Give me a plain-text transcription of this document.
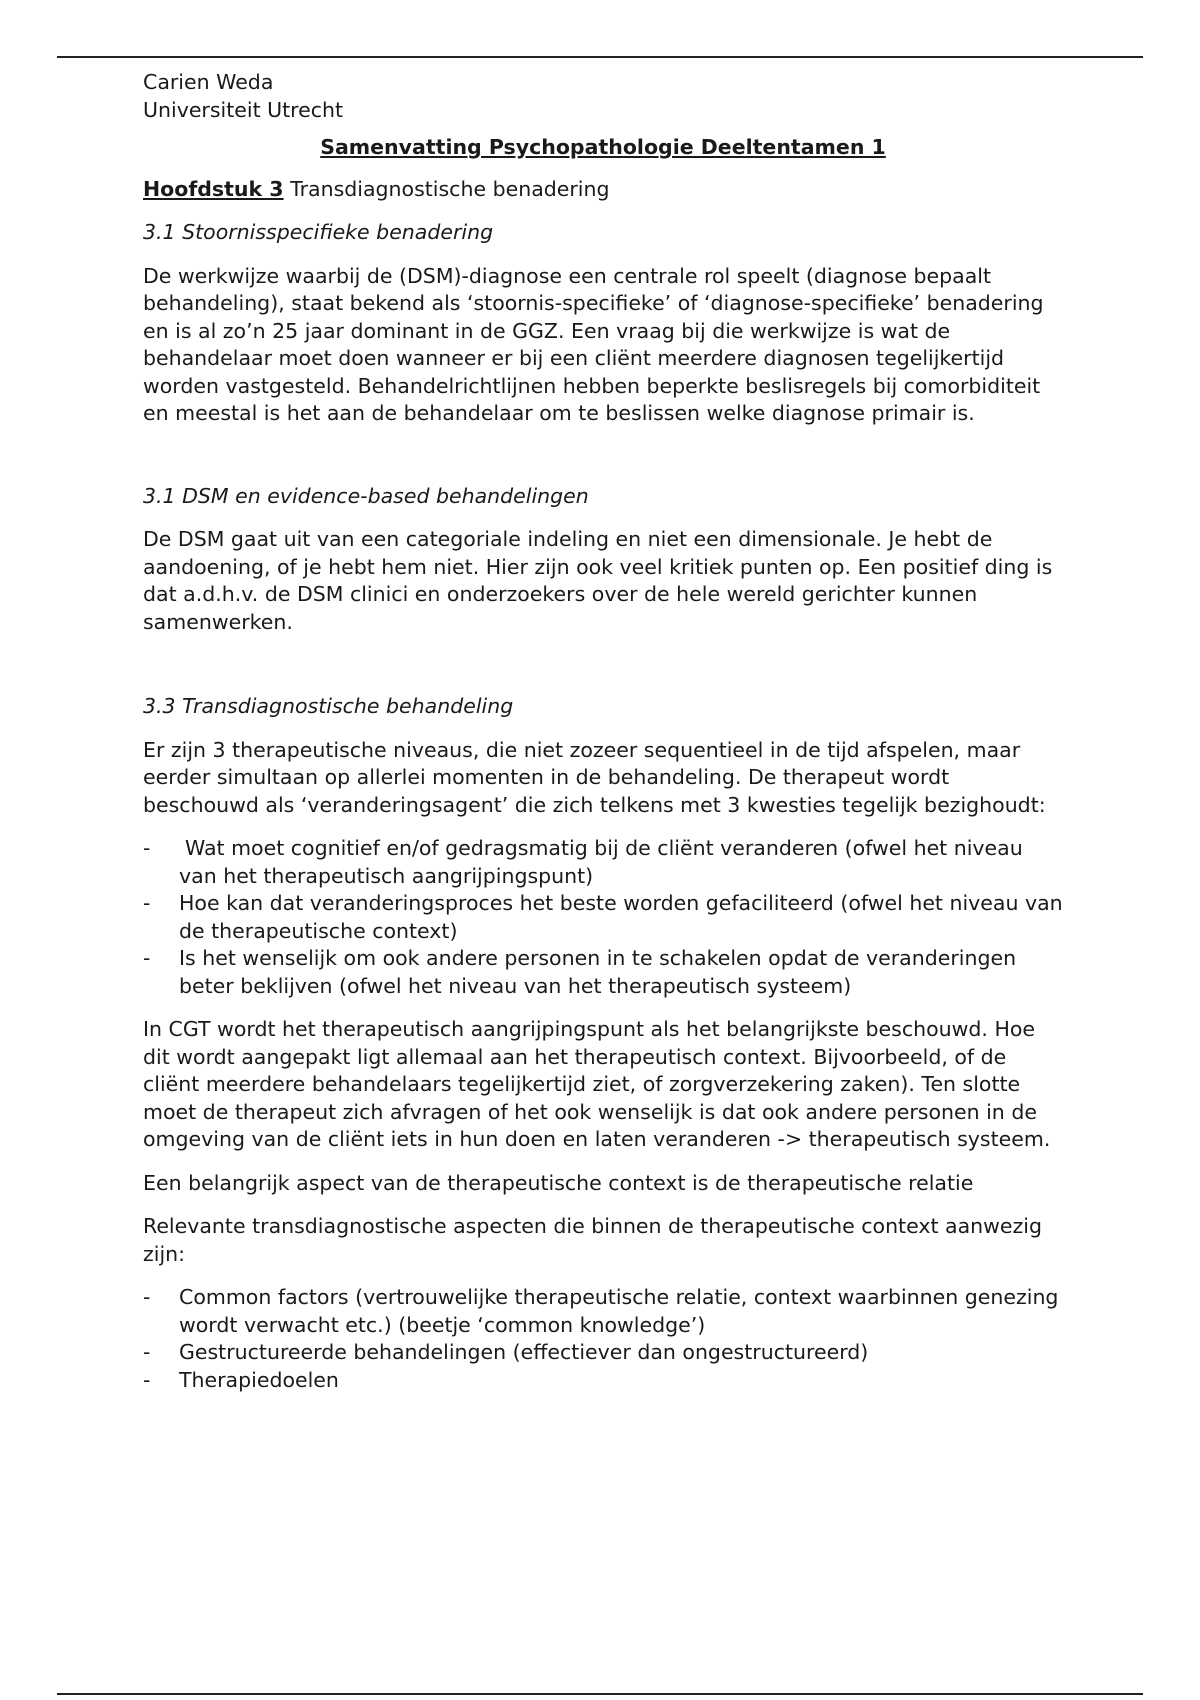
Carien Weda

Universiteit Utrecht

Samenvatting Psychopathologie Deeltentamen 1

Hoofdstuk 3 Transdiagnostische benadering

3.1 Stoornisspecifieke benadering

De werkwijze waarbij de (DSM)-diagnose een centrale rol speelt (diagnose bepaalt behandeling), staat bekend als ‘stoornis-specifieke’ of ‘diagnose-specifieke’ benadering en is al zo’n 25 jaar dominant in de GGZ. Een vraag bij die werkwijze is wat de behandelaar moet doen wanneer er bij een cliënt meerdere diagnosen tegelijkertijd worden vastgesteld. Behandelrichtlijnen hebben beperkte beslisregels bij comorbiditeit en meestal is het aan de behandelaar om te beslissen welke diagnose primair is.

3.1 DSM en evidence-based behandelingen

De DSM gaat uit van een categoriale indeling en niet een dimensionale. Je hebt de aandoening, of je hebt hem niet. Hier zijn ook veel kritiek punten op. Een positief ding is dat a.d.h.v. de DSM clinici en onderzoekers over de hele wereld gerichter kunnen samenwerken.

3.3 Transdiagnostische behandeling

Er zijn 3 therapeutische niveaus, die niet zozeer sequentieel in de tijd afspelen, maar eerder simultaan op allerlei momenten in de behandeling. De therapeut wordt beschouwd als ‘veranderingsagent’ die zich telkens met 3 kwesties tegelijk bezighoudt:

- Wat moet cognitief en/of gedragsmatig bij de cliënt veranderen (ofwel het niveau van het therapeutisch aangrijpingspunt)
- Hoe kan dat veranderingsproces het beste worden gefaciliteerd (ofwel het niveau van de therapeutische context)
- Is het wenselijk om ook andere personen in te schakelen opdat de veranderingen beter beklijven (ofwel het niveau van het therapeutisch systeem)

In CGT wordt het therapeutisch aangrijpingspunt als het belangrijkste beschouwd. Hoe dit wordt aangepakt ligt allemaal aan het therapeutisch context. Bijvoorbeeld, of de cliënt meerdere behandelaars tegelijkertijd ziet, of zorgverzekering zaken). Ten slotte moet de therapeut zich afvragen of het ook wenselijk is dat ook andere personen in de omgeving van de cliënt iets in hun doen en laten veranderen -> therapeutisch systeem.

Een belangrijk aspect van de therapeutische context is de therapeutische relatie

Relevante transdiagnostische aspecten die binnen de therapeutische context aanwezig zijn:

- Common factors (vertrouwelijke therapeutische relatie, context waarbinnen genezing wordt verwacht etc.) (beetje ‘common knowledge’)
- Gestructureerde behandelingen (effectiever dan ongestructureerd)
- Therapiedoelen
